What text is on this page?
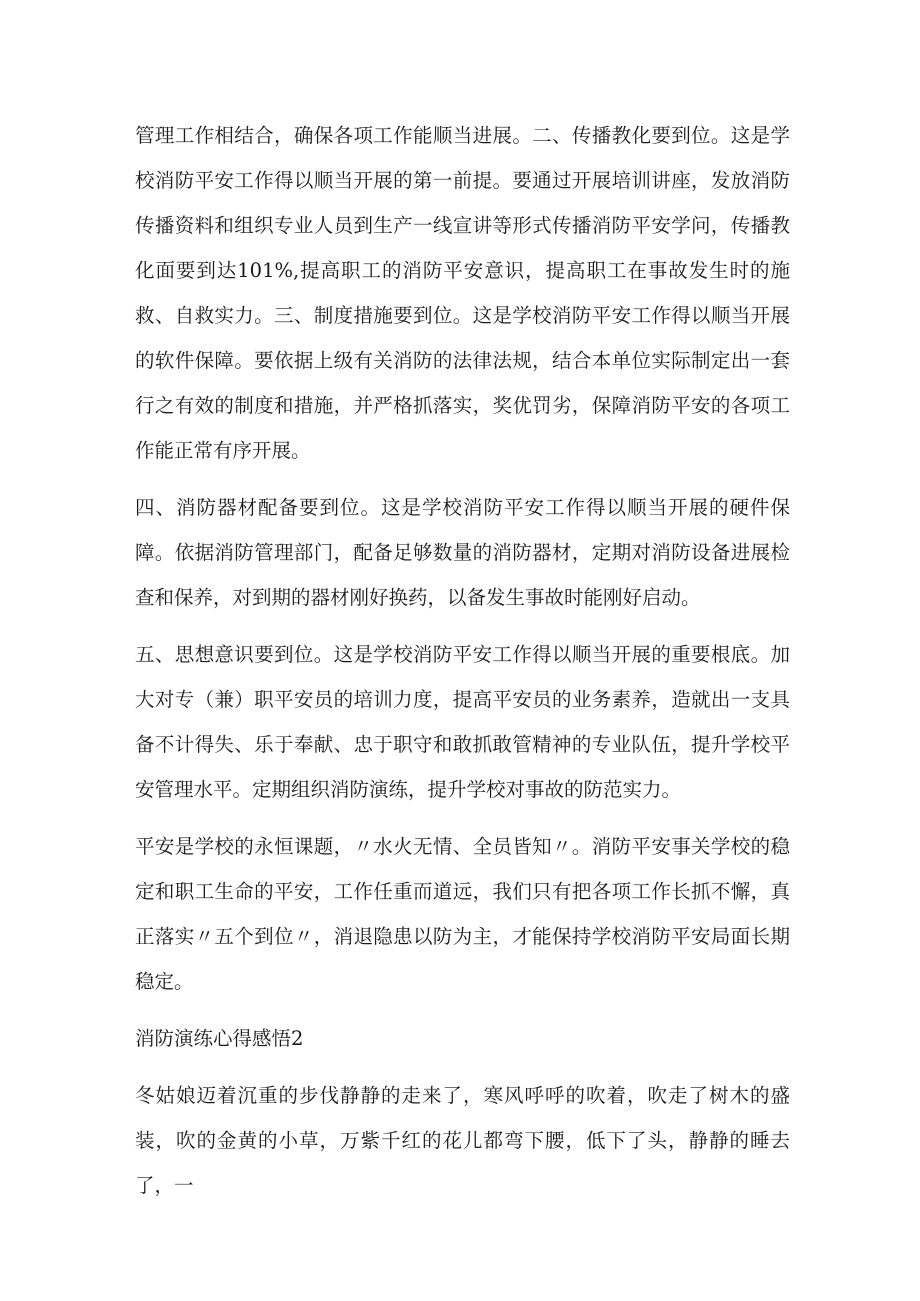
管理工作相结合，确保各项工作能顺当进展。二、传播教化要到位。这是学校消防平安工作得以顺当开展的第一前提。要通过开展培训讲座，发放消防传播资料和组织专业人员到生产一线宣讲等形式传播消防平安学问，传播教化面要到达101%,提高职工的消防平安意识，提高职工在事故发生时的施救、自救实力。三、制度措施要到位。这是学校消防平安工作得以顺当开展的软件保障。要依据上级有关消防的法律法规，结合本单位实际制定出一套行之有效的制度和措施，并严格抓落实，奖优罚劣，保障消防平安的各项工作能正常有序开展。

四、消防器材配备要到位。这是学校消防平安工作得以顺当开展的硬件保障。依据消防管理部门，配备足够数量的消防器材，定期对消防设备进展检查和保养，对到期的器材刚好换药，以备发生事故时能刚好启动。

五、思想意识要到位。这是学校消防平安工作得以顺当开展的重要根底。加大对专（兼）职平安员的培训力度，提高平安员的业务素养，造就出一支具备不计得失、乐于奉献、忠于职守和敢抓敢管精神的专业队伍，提升学校平安管理水平。定期组织消防演练，提升学校对事故的防范实力。

平安是学校的永恒课题，〃水火无情、全员皆知〃。消防平安事关学校的稳定和职工生命的平安，工作任重而道远，我们只有把各项工作长抓不懈，真正落实〃五个到位〃，消退隐患以防为主，才能保持学校消防平安局面长期稳定。

消防演练心得感悟2

冬姑娘迈着沉重的步伐静静的走来了，寒风呼呼的吹着，吹走了树木的盛装，吹的金黄的小草，万紫千红的花儿都弯下腰，低下了头，静静的睡去了，一
